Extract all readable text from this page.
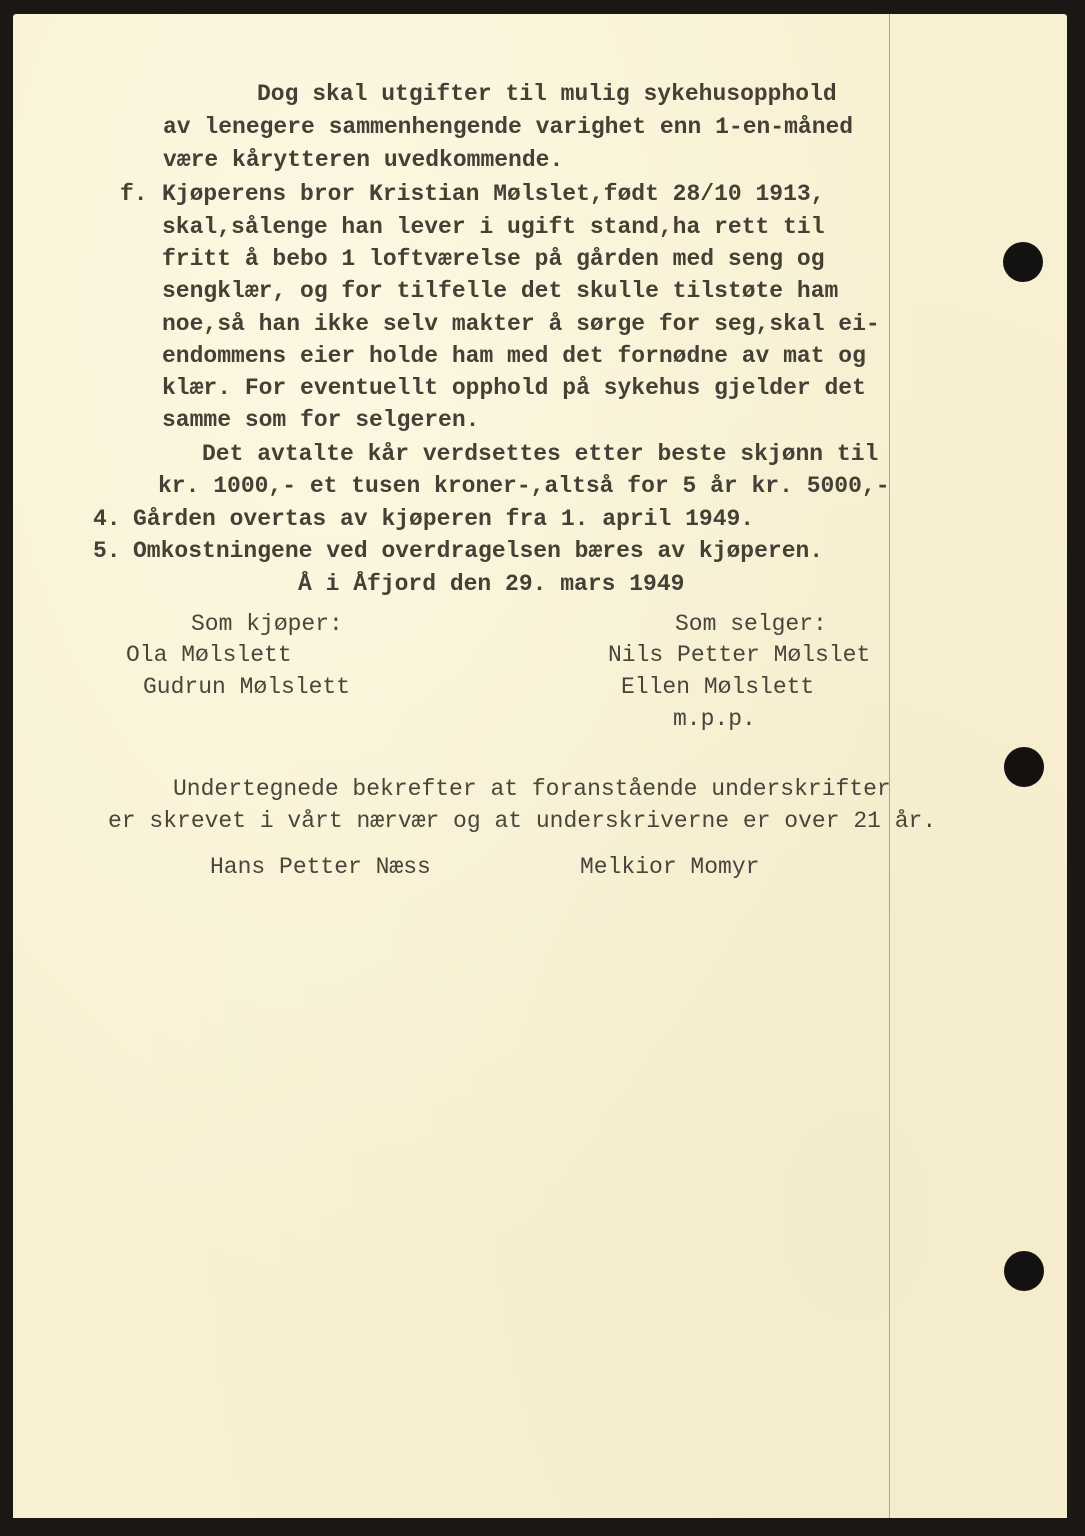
Dog skal utgifter til mulig sykehusopphold
av lenegere sammenhengende varighet enn 1-en-måned
være kårytteren uvedkommende.
f. Kjøperens bror Kristian Mølslet,født 28/10 1913,
skal,sålenge han lever i ugift stand,ha rett til
fritt å bebo 1 loftværelse på gården med seng og
sengklær, og for tilfelle det skulle tilstøte ham
noe,så han ikke selv makter å sørge for seg,skal ei-
endommens eier holde ham med det fornødne av mat og
klær. For eventuellt opphold på sykehus gjelder det
samme som for selgeren.
Det avtalte kår verdsettes etter beste skjønn til
kr. 1000,- et tusen kroner-,altså for 5 år kr. 5000,-
4. Gården overtas av kjøperen fra 1. april 1949.
5. Omkostningene ved overdragelsen bæres av kjøperen.
Å i Åfjord den 29. mars 1949
Som kjøper:
Ola Mølslett
Gudrun Mølslett
Som selger:
Nils Petter Mølslet
Ellen Mølslett
m.p.p.
Undertegnede bekrefter at foranstående underskrifter
er skrevet i vårt nærvær og at underskriverne er over 21 år.
Hans Petter Næss	Melkior Momyr
